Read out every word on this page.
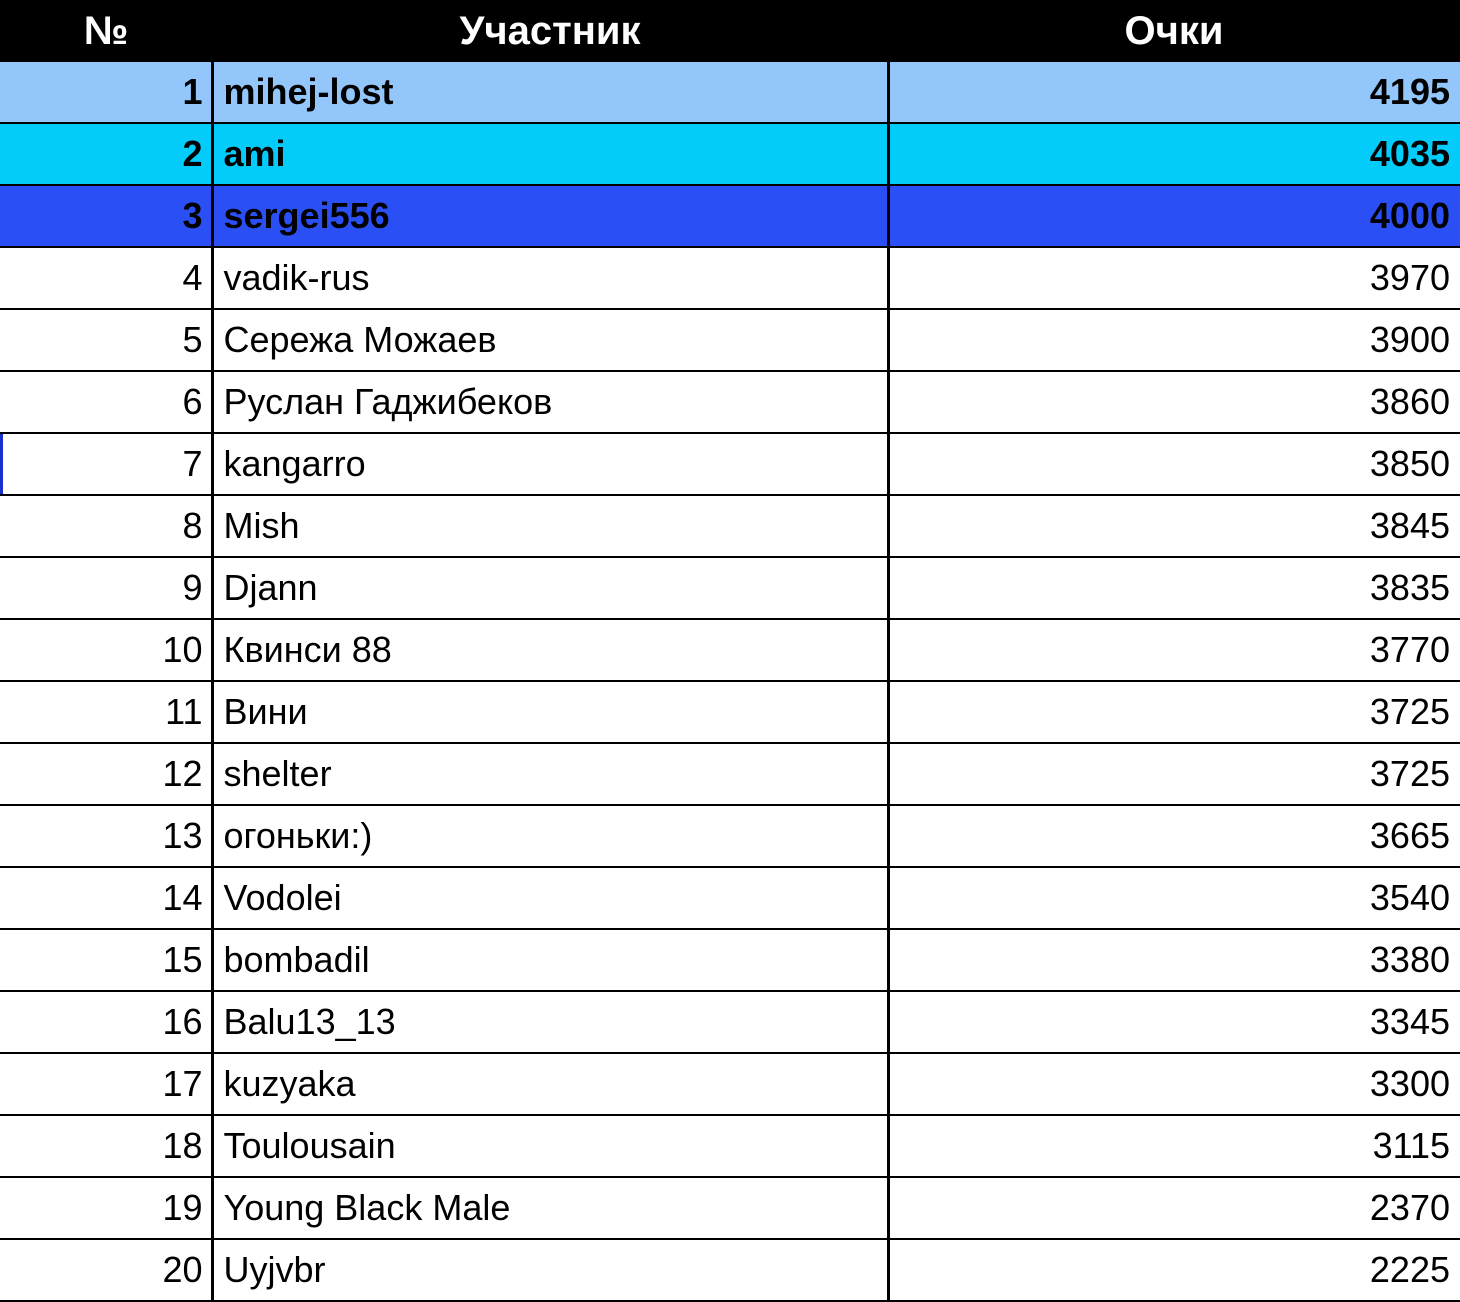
№	Участник	Очки
1	mihej-lost	4195
2	ami	4035
3	sergei556	4000
4	vadik-rus	3970
5	Сережа Можаев	3900
6	Руслан Гаджибеков	3860
7	kangarro	3850
8	Mish	3845
9	Djann	3835
10	Квинси 88	3770
11	Вини	3725
12	shelter	3725
13	огоньки:)	3665
14	Vodolei	3540
15	bombadil	3380
16	Balu13_13	3345
17	kuzyaka	3300
18	Toulousain	3115
19	Young Black Male	2370
20	Uyjvbr	2225
